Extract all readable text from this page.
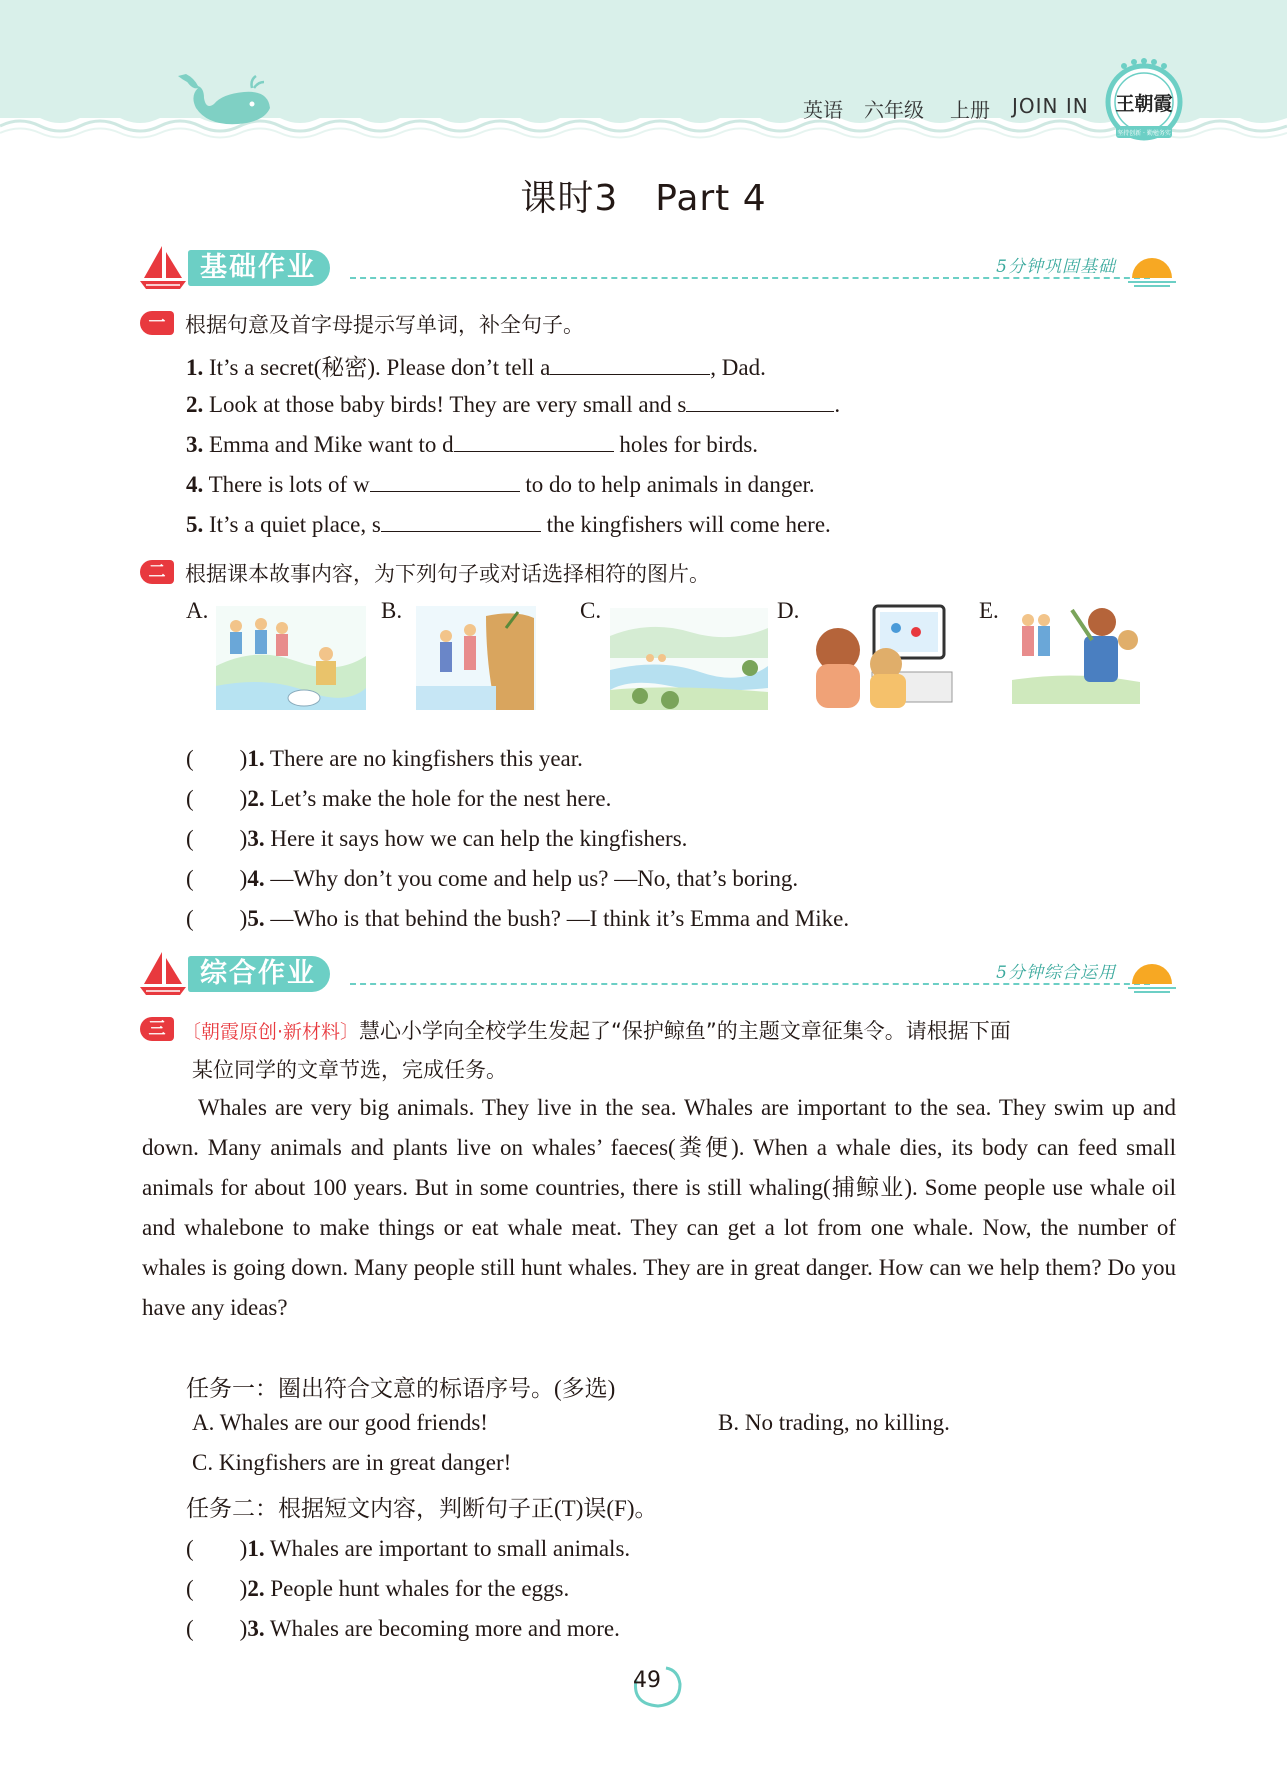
英语 六年级 上册 JOIN IN	王朝霞
坚持创新 · 勤勉务实
课时3　Part 4
基础作业	5分钟巩固基础
一 根据句意及首字母提示写单词，补全句子。
1. It’s a secret(秘密). Please don’t tell a	, Dad.
2. Look at those baby birds! They are very small and s	.
3. Emma and Mike want to d	holes for birds.
4. There is lots of w	to do to help animals in danger.
5. It’s a quiet place, s	the kingfishers will come here.
二 根据课本故事内容，为下列句子或对话选择相符的图片。
A.	B.	C.	D.	E.
(　　)1. There are no kingfishers this year.
(　　)2. Let’s make the hole for the nest here.
(　　)3. Here it says how we can help the kingfishers.
(　　)4. —Why don’t you come and help us? —No, that’s boring.
(　　)5. —Who is that behind the bush? —I think it’s Emma and Mike.
综合作业	5分钟综合运用
三 〔朝霞原创·新材料〕慧心小学向全校学生发起了“保护鲸鱼”的主题文章征集令。请根据下面
某位同学的文章节选，完成任务。
Whales are very big animals. They live in the sea. Whales are important to the sea. They swim up and down. Many animals and plants live on whales’ faeces(粪便). When a whale dies, its body can feed small animals for about 100 years. But in some countries, there is still whaling(捕鲸业). Some people use whale oil and whalebone to make things or eat whale meat. They can get a lot from one whale. Now, the number of whales is going down. Many people still hunt whales. They are in great danger. How can we help them? Do you have any ideas?
任务一：圈出符合文意的标语序号。(多选)
A. Whales are our good friends!	B. No trading, no killing.
C. Kingfishers are in great danger!
任务二：根据短文内容，判断句子正(T)误(F)。
(　　)1. Whales are important to small animals.
(　　)2. People hunt whales for the eggs.
(　　)3. Whales are becoming more and more.
49
